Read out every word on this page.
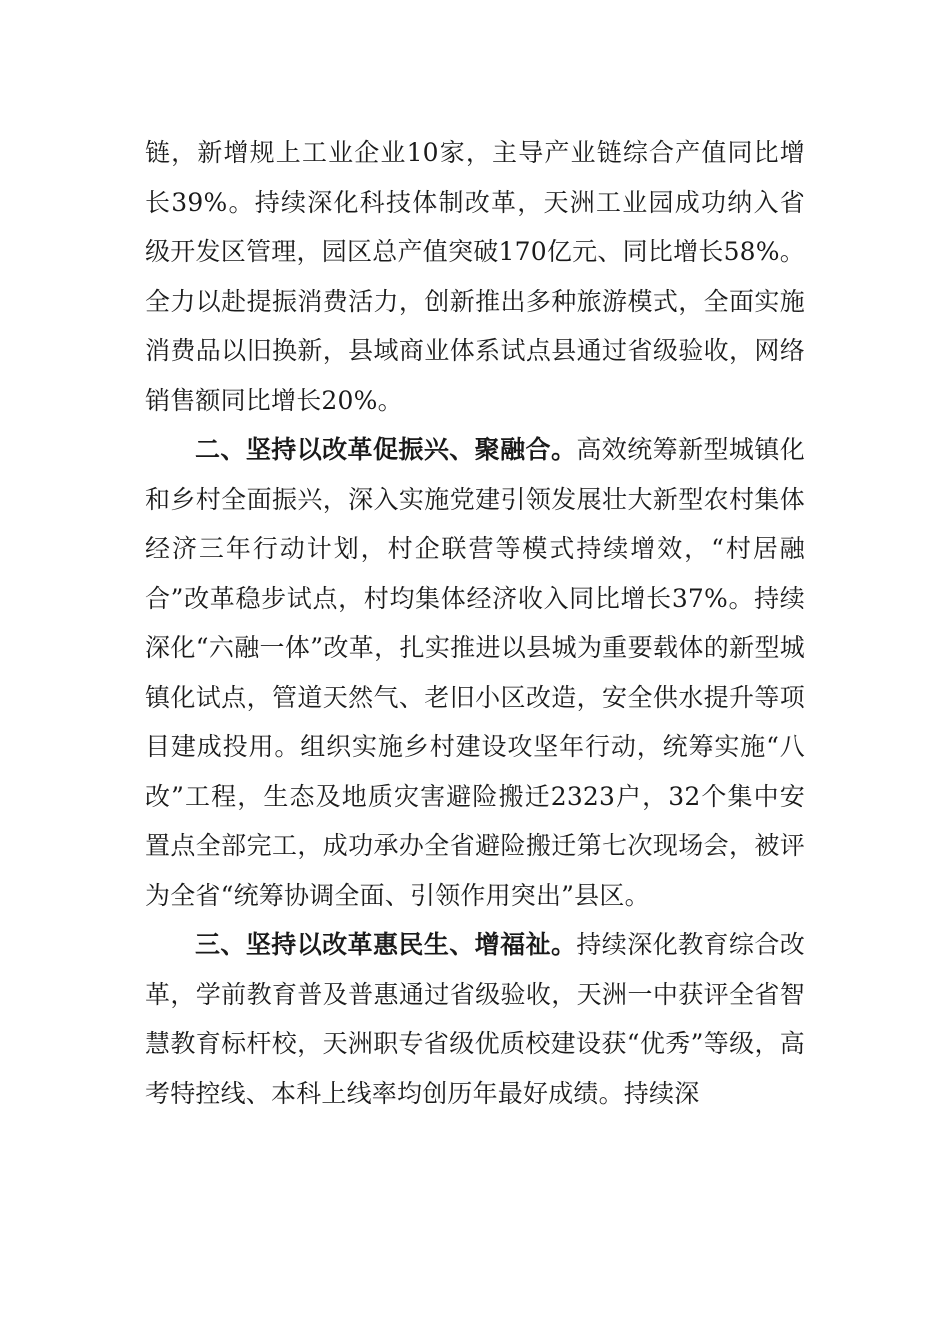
链，新增规上工业企业10家，主导产业链综合产值同比增长39%。持续深化科技体制改革，天洲工业园成功纳入省级开发区管理，园区总产值突破170亿元、同比增长58%。全力以赴提振消费活力，创新推出多种旅游模式，全面实施消费品以旧换新，县域商业体系试点县通过省级验收，网络销售额同比增长20%。

二、坚持以改革促振兴、聚融合。高效统筹新型城镇化和乡村全面振兴，深入实施党建引领发展壮大新型农村集体经济三年行动计划，村企联营等模式持续增效，“村居融合”改革稳步试点，村均集体经济收入同比增长37%。持续深化“六融一体”改革，扎实推进以县城为重要载体的新型城镇化试点，管道天然气、老旧小区改造，安全供水提升等项目建成投用。组织实施乡村建设攻坚年行动，统筹实施“八改”工程，生态及地质灾害避险搬迁2323户，32个集中安置点全部完工，成功承办全省避险搬迁第七次现场会，被评为全省“统筹协调全面、引领作用突出”县区。

三、坚持以改革惠民生、增福祉。持续深化教育综合改革，学前教育普及普惠通过省级验收，天洲一中获评全省智慧教育标杆校，天洲职专省级优质校建设获“优秀”等级，高考特控线、本科上线率均创历年最好成绩。持续深
